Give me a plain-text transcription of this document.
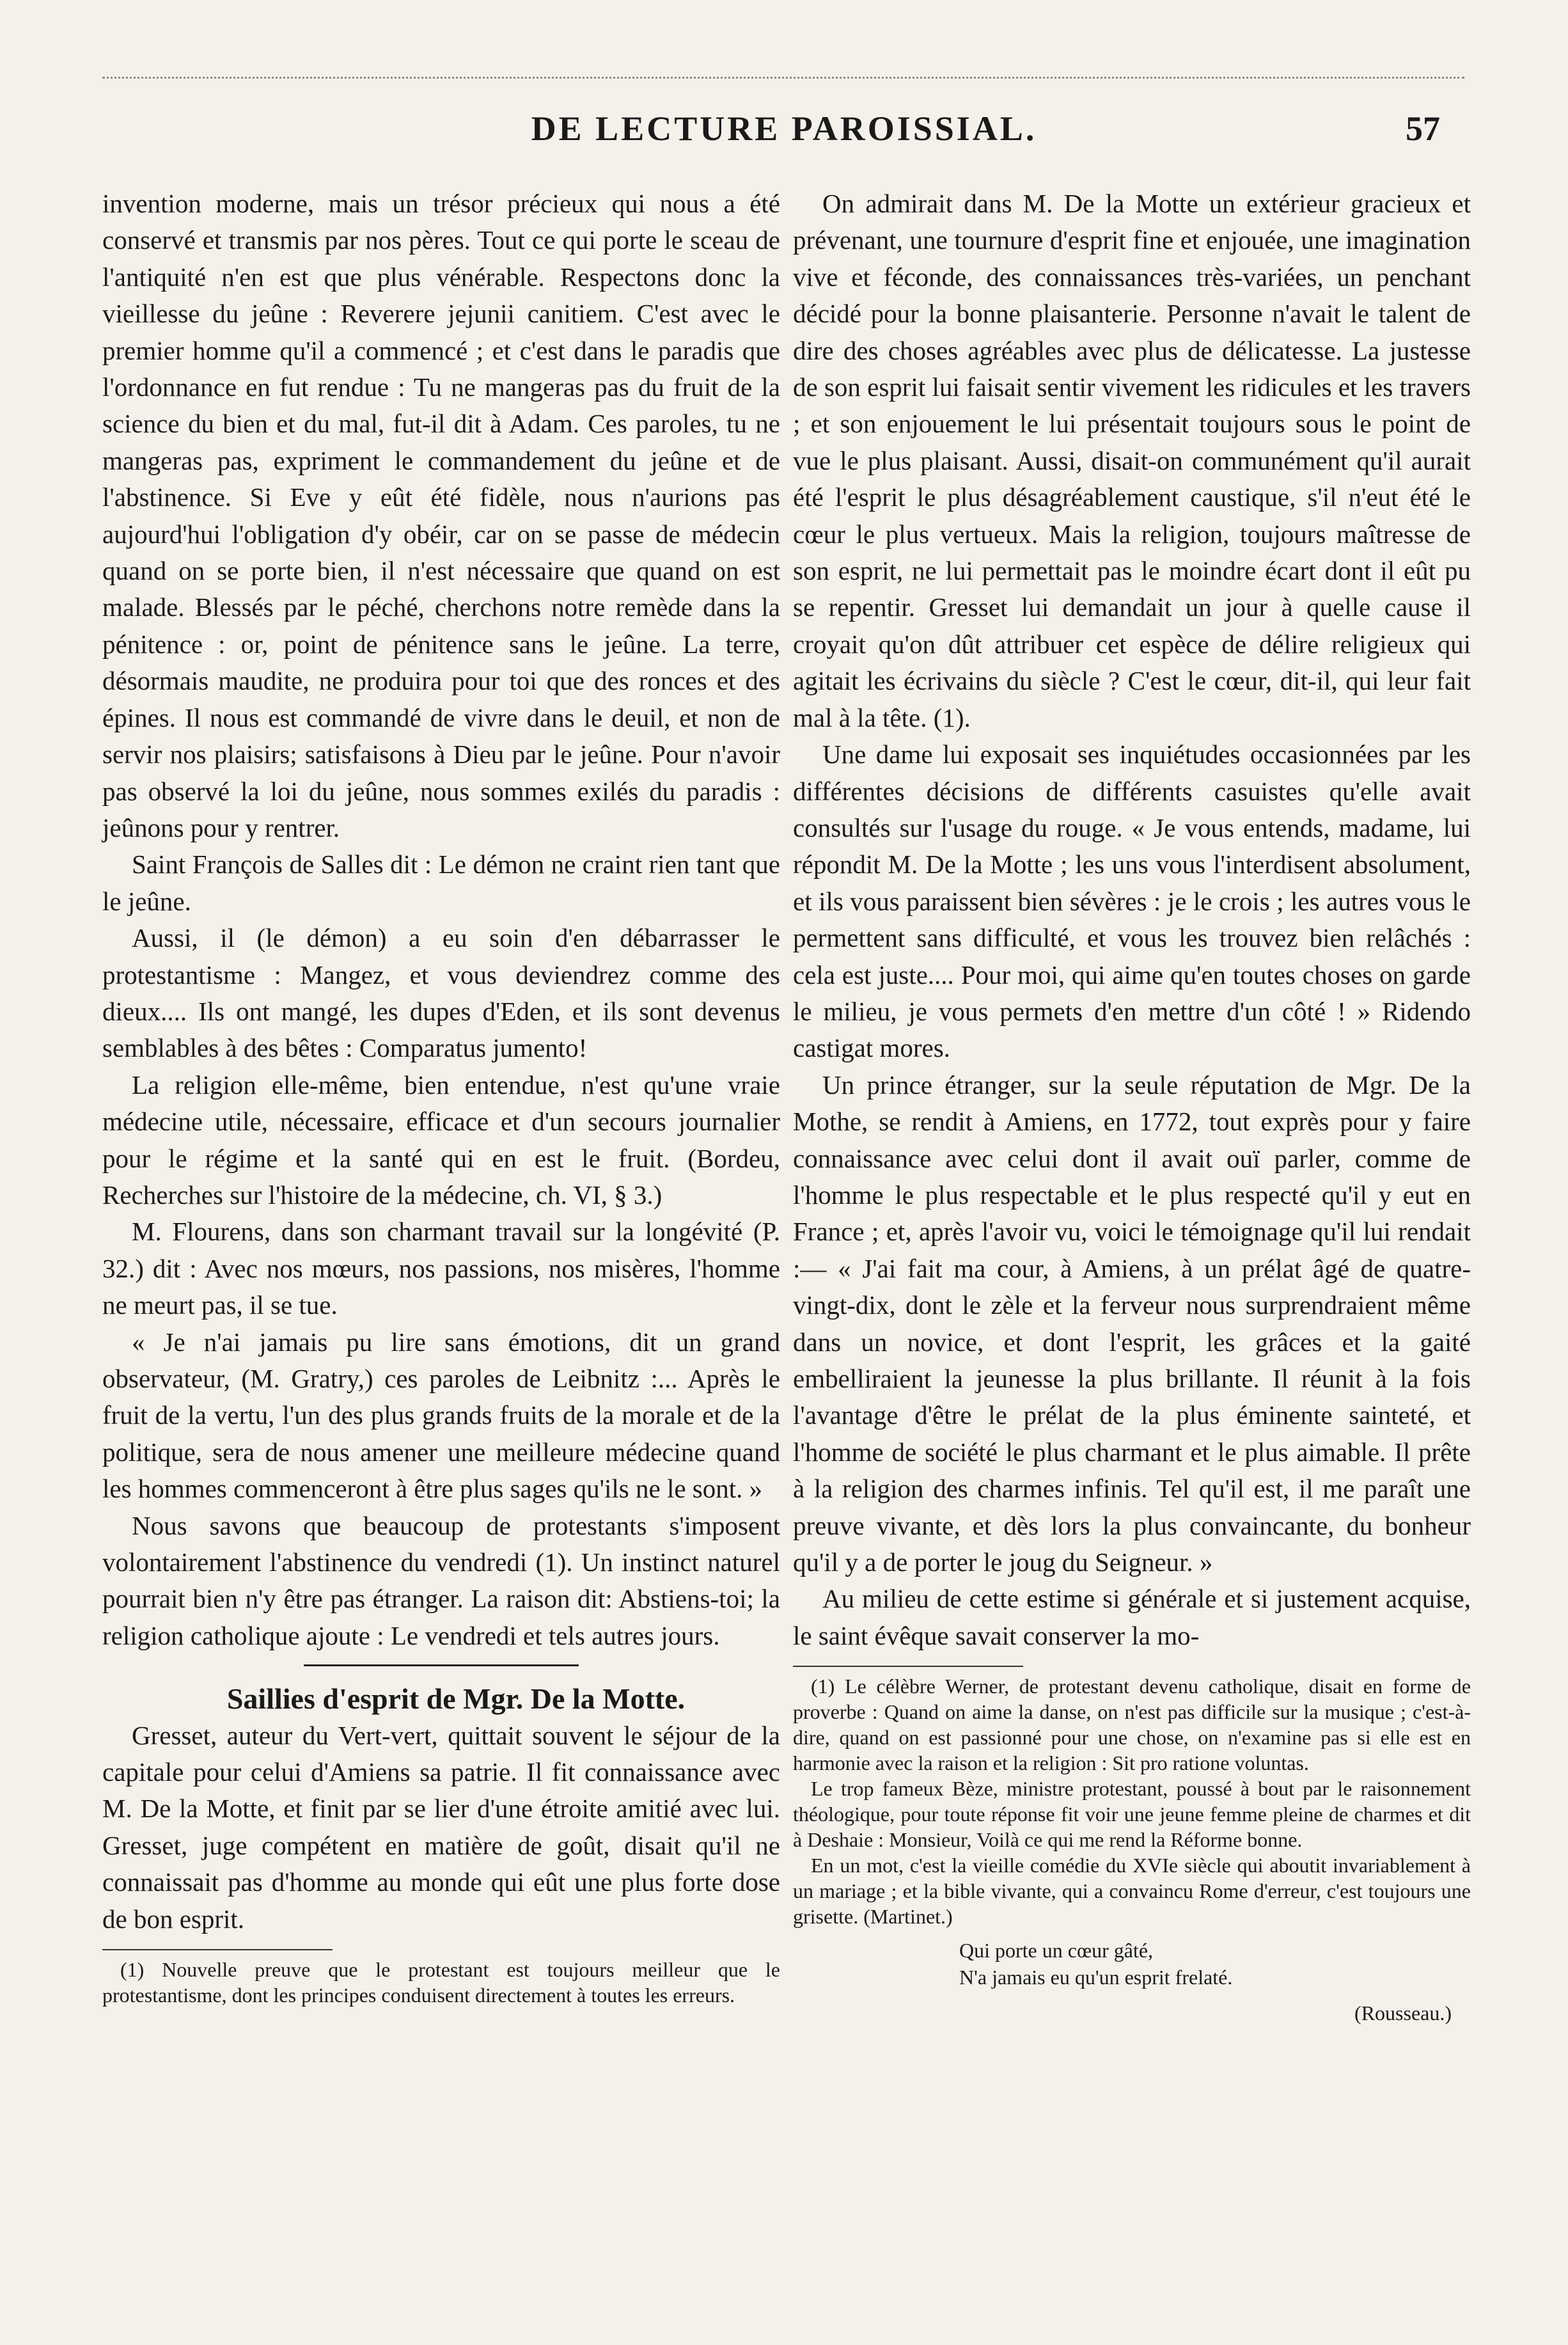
DE LECTURE PAROISSIAL.	57

invention moderne, mais un trésor précieux qui nous a été conservé et transmis par nos pères. Tout ce qui porte le sceau de l'antiquité n'en est que plus vénérable. Respectons donc la vieillesse du jeûne : Reverere jejunii canitiem. C'est avec le premier homme qu'il a commencé ; et c'est dans le paradis que l'ordonnance en fut rendue : Tu ne mangeras pas du fruit de la science du bien et du mal, fut-il dit à Adam. Ces paroles, tu ne mangeras pas, expriment le commandement du jeûne et de l'abstinence. Si Eve y eût été fidèle, nous n'aurions pas aujourd'hui l'obligation d'y obéir, car on se passe de médecin quand on se porte bien, il n'est nécessaire que quand on est malade. Blessés par le péché, cherchons notre remède dans la pénitence : or, point de pénitence sans le jeûne. La terre, désormais maudite, ne produira pour toi que des ronces et des épines. Il nous est commandé de vivre dans le deuil, et non de servir nos plaisirs; satisfaisons à Dieu par le jeûne. Pour n'avoir pas observé la loi du jeûne, nous sommes exilés du paradis : jeûnons pour y rentrer.

Saint François de Salles dit : Le démon ne craint rien tant que le jeûne.

Aussi, il (le démon) a eu soin d'en débarrasser le protestantisme : Mangez, et vous deviendrez comme des dieux.... Ils ont mangé, les dupes d'Eden, et ils sont devenus semblables à des bêtes : Comparatus jumento!

La religion elle-même, bien entendue, n'est qu'une vraie médecine utile, nécessaire, efficace et d'un secours journalier pour le régime et la santé qui en est le fruit. (Bordeu, Recherches sur l'histoire de la médecine, ch. VI, § 3.)

M. Flourens, dans son charmant travail sur la longévité (P. 32.) dit : Avec nos mœurs, nos passions, nos misères, l'homme ne meurt pas, il se tue.

« Je n'ai jamais pu lire sans émotions, dit un grand observateur, (M. Gratry,) ces paroles de Leibnitz :... Après le fruit de la vertu, l'un des plus grands fruits de la morale et de la politique, sera de nous amener une meilleure médecine quand les hommes commenceront à être plus sages qu'ils ne le sont. »

Nous savons que beaucoup de protestants s'imposent volontairement l'abstinence du vendredi (1). Un instinct naturel pourrait bien n'y être pas étranger. La raison dit: Abstiens-toi; la religion catholique ajoute : Le vendredi et tels autres jours.

Saillies d'esprit de Mgr. De la Motte.

Gresset, auteur du Vert-vert, quittait souvent le séjour de la capitale pour celui d'Amiens sa patrie. Il fit connaissance avec M. De la Motte, et finit par se lier d'une étroite amitié avec lui. Gresset, juge compétent en matière de goût, disait qu'il ne connaissait pas d'homme au monde qui eût une plus forte dose de bon esprit.

(1) Nouvelle preuve que le protestant est toujours meilleur que le protestantisme, dont les principes conduisent directement à toutes les erreurs.

On admirait dans M. De la Motte un extérieur gracieux et prévenant, une tournure d'esprit fine et enjouée, une imagination vive et féconde, des connaissances très-variées, un penchant décidé pour la bonne plaisanterie. Personne n'avait le talent de dire des choses agréables avec plus de délicatesse. La justesse de son esprit lui faisait sentir vivement les ridicules et les travers ; et son enjouement le lui présentait toujours sous le point de vue le plus plaisant. Aussi, disait-on communément qu'il aurait été l'esprit le plus désagréablement caustique, s'il n'eut été le cœur le plus vertueux. Mais la religion, toujours maîtresse de son esprit, ne lui permettait pas le moindre écart dont il eût pu se repentir. Gresset lui demandait un jour à quelle cause il croyait qu'on dût attribuer cet espèce de délire religieux qui agitait les écrivains du siècle ? C'est le cœur, dit-il, qui leur fait mal à la tête. (1).

Une dame lui exposait ses inquiétudes occasionnées par les différentes décisions de différents casuistes qu'elle avait consultés sur l'usage du rouge. « Je vous entends, madame, lui répondit M. De la Motte ; les uns vous l'interdisent absolument, et ils vous paraissent bien sévères : je le crois ; les autres vous le permettent sans difficulté, et vous les trouvez bien relâchés : cela est juste.... Pour moi, qui aime qu'en toutes choses on garde le milieu, je vous permets d'en mettre d'un côté ! » Ridendo castigat mores.

Un prince étranger, sur la seule réputation de Mgr. De la Mothe, se rendit à Amiens, en 1772, tout exprès pour y faire connaissance avec celui dont il avait ouï parler, comme de l'homme le plus respectable et le plus respecté qu'il y eut en France ; et, après l'avoir vu, voici le témoignage qu'il lui rendait :— « J'ai fait ma cour, à Amiens, à un prélat âgé de quatre-vingt-dix, dont le zèle et la ferveur nous surprendraient même dans un novice, et dont l'esprit, les grâces et la gaité embelliraient la jeunesse la plus brillante. Il réunit à la fois l'avantage d'être le prélat de la plus éminente sainteté, et l'homme de société le plus charmant et le plus aimable. Il prête à la religion des charmes infinis. Tel qu'il est, il me paraît une preuve vivante, et dès lors la plus convaincante, du bonheur qu'il y a de porter le joug du Seigneur. »

Au milieu de cette estime si générale et si justement acquise, le saint évêque savait conserver la mo-

(1) Le célèbre Werner, de protestant devenu catholique, disait en forme de proverbe : Quand on aime la danse, on n'est pas difficile sur la musique ; c'est-à-dire, quand on est passionné pour une chose, on n'examine pas si elle est en harmonie avec la raison et la religion : Sit pro ratione voluntas.

Le trop fameux Bèze, ministre protestant, poussé à bout par le raisonnement théologique, pour toute réponse fit voir une jeune femme pleine de charmes et dit à Deshaie : Monsieur, Voilà ce qui me rend la Réforme bonne.

En un mot, c'est la vieille comédie du XVIe siècle qui aboutit invariablement à un mariage ; et la bible vivante, qui a convaincu Rome d'erreur, c'est toujours une grisette. (Martinet.)

Qui porte un cœur gâté,
N'a jamais eu qu'un esprit frelaté.
(Rousseau.)
